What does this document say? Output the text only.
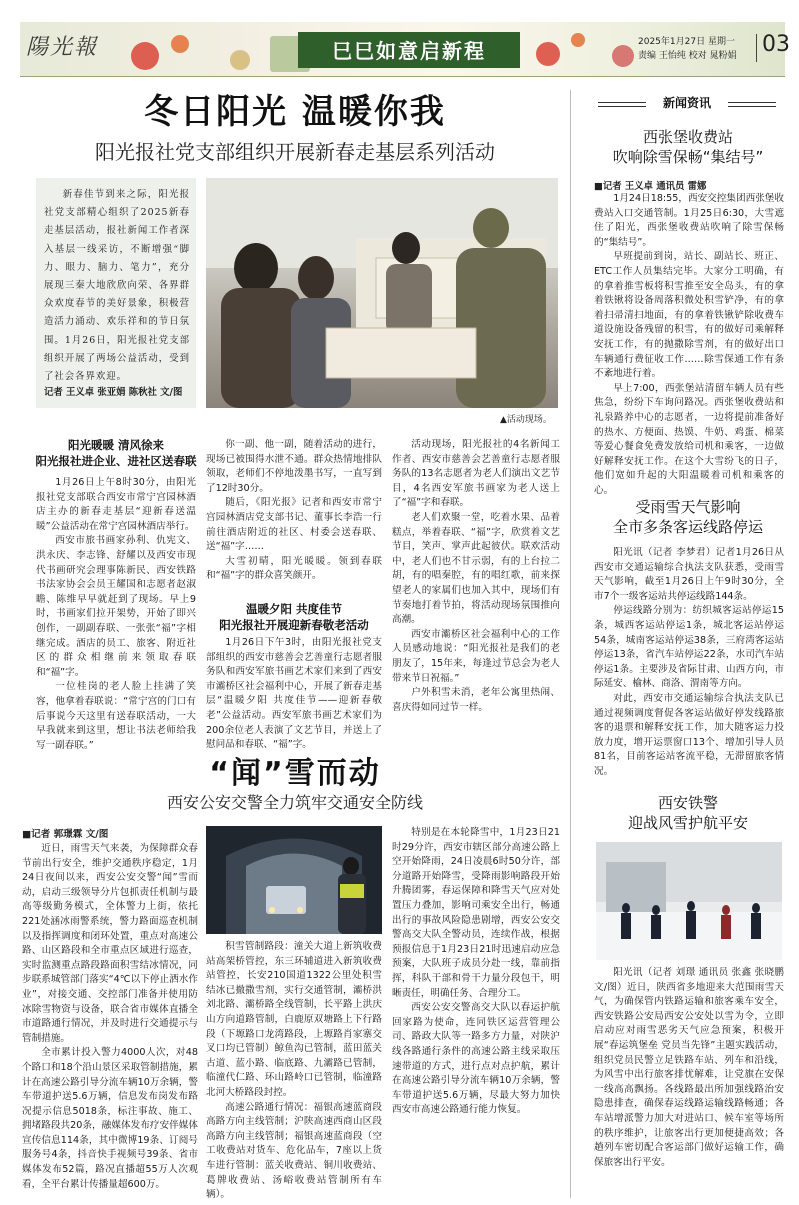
陽光報	巳巳如意启新程	2025年1月27日 星期一
责编 王怡纯 校对 晁粉娟 03
冬日阳光 温暖你我
阳光报社党支部组织开展新春走基层系列活动
新春佳节到来之际，阳光报社党支部精心组织了2025新春走基层活动，报社新闻工作者深入基层一线采访，不断增强“脚力、眼力、脑力、笔力”，充分展现三秦大地欣欣向荣、各界群众欢度春节的美好景象，积极营造活力涌动、欢乐祥和的节日氛围。1月26日，阳光报社党支部组织开展了两场公益活动，受到了社会各界欢迎。
记者 王义卓 张亚娟 陈秋社 文/图
▲活动现场。
阳光暖暖 清风徐来
阳光报社进企业、进社区送春联

1月26日上午8时30分，由阳光报社党支部联合西安市常宁宫园林酒店主办的新春走基层“迎新春送温暖”公益活动在常宁宫园林酒店举行。

西安市旅书画家孙利、仇宪文、洪永庆、李志锋、舒耀以及西安市现代书画研究会理事陈新民、西安铁路书法家协会会员王耀国和志愿者赵淑瞻、陈维早早就赶到了现场。早上9时，书画家们拉开架势，开始了即兴创作，一副副春联、一张张“福”字相继完成。酒店的员工、旅客、附近社区的群众相继前来领取春联和“福”字。

一位桂岗的老人脸上挂满了笑容，他拿着春联说：“常宁宫的门口有后事说今天这里有送春联活动，一大早我就来到这里，想让书法老师给我写一副春联。”

你一副、他一副，随着活动的进行，现场已被围得水泄不通。群众热情地排队领取，老师们不停地泼墨书写，一直写到了12时30分。

随后，《阳光报》记者和西安市常宁宫园林酒店党支部书记、董事长李浩一行前往酒店附近的社区、村委会送春联、送“福”字……

大雪初晴，阳光暖暖。领到春联和“福”字的群众喜笑颜开。

温暖夕阳 共度佳节
阳光报社开展迎新春敬老活动

1月26日下午3时，由阳光报社党支部组织的西安市慈善会艺善童行志愿者服务队和西安军旅书画艺术家们来到了西安市灞桥区社会福利中心，开展了新春走基层“温暖夕阳 共度佳节——迎新春敬老”公益活动。西安军旅书画艺术家们为200余位老人表演了文艺节目，并送上了慰问品和春联、“福”字。

活动现场，阳光报社的4名新闻工作者、西安市慈善会艺善童行志愿者服务队的13名志愿者为老人们演出文艺节目，4名西安军旅书画家为老人送上了“福”字和春联。

老人们欢聚一堂，吃着水果、品着糕点，举着春联、“福”字，欣赏着文艺节目，笑声、掌声此起彼伏。联欢活动中，老人们也不甘示弱，有的上台拉二胡，有的唱秦腔，有的唱红歌，前来探望老人的家属们也加入其中，现场们有节奏地打着节拍，将活动现场氛围推向高潮。

西安市灞桥区社会福利中心的工作人员感动地说：“阳光报社是我们的老朋友了，15年来，每逢过节总会为老人带来节日祝福。”

户外积雪未消，老年公寓里热闹、喜庆得如同过节一样。

“闻”雪而动
西安公安交警全力筑牢交通安全防线
■记者 郭璟霖 文/图

近日，雨雪天气来袭，为保障群众春节前出行安全，维护交通秩序稳定，1月24日夜间以来，西安公安交警“闻”雪而动，启动三级领导分片包抓责任机制与最高等级勤务模式，全体警力上街，依托221处涵冰雨警系统，警力路面巡查机制以及指挥调度和闭环处置，重点对高速公路、山区路段和全市重点区域进行巡查，实时监测重点路段路面积雪结冰情况，同步联系城管部门落实“4℃以下停止洒水作业”，对接交通、交控部门准备并使用防冰除雪物资与设备，联合省市媒体直播全市道路通行情况，并及时进行交通提示与管制措施。

全市累计投入警力4000人次，对48个路口和18个沿山景区采取管制措施，累计在高速公路引导分流车辆10万余辆，警车带道护送5.6万辆，信息发布岗发布路况提示信息5018条，标注事故、施工、拥堵路段共20条，融媒体发布疗安伴媒体宣传信息114条，其中微博19条、订阅号服务号4条，抖音快手视频号39条、省市媒体发布52篇，路况直播超55万人次观看，全平台累计传播量超600万。

积雪管制路段：潼关大道上新筑收费站高架桥管控，东三环辅道进入新筑收费站管控，长安210国道1322公里处积雪结冰已撤撒雪剂，实行交通管制，灞桥洪刘北路、灞桥路全线管制，长平路上洪庆山方向道路管制，白鹿原双塘路上下行路段（下塬路口龙湾路段，上塬路肖家寨交叉口均已管制）鲸鱼沟已管制，蓝田蓝关古道、蓝小路、临底路、九灞路已管制，临潼代仁路、环山路岭口已管制，临潼路北河大桥路段封控。

高速公路通行情况：福银高速蓝商段高路方向主线管制；沪陕高速西商山区段高路方向主线管制；福银高速蓝商段（空工收费站对货车、危化品车，7座以上货车进行管制：蓝关收费站、铜川收费站、葛牌收费站、汤峪收费站管制所有车辆）。

特别是在本轮降雪中，1月23日21时29分许，西安市辖区部分高速公路上空开始降雨，24日凌晨6时50分许，部分道路开始降雪，受降雨影响路段开始升腾团雾，春运保障和降雪天气应对处置压力叠加，影响司乘安全出行，畅通出行的事故风险隐患剧增，西安公安交警高交大队全警动员，连续作战，根据预报信息于1月23日21时迅速启动应急预案，大队班子成员分赴一线，靠前指挥，科队干部和骨干力量分段包干，明晰责任，明确任务、合理分工。

西安公安交警高交大队以春运护航回家路为使命，连同铁区运营管理公司、路政大队等一路多方力量，对陕沪线各路通行条件的高速公路主线采取压速带道的方式，进行点对点护航，累计在高速公路引导分流车辆10万余辆，警车带道护送5.6万辆，尽最大努力加快西安市高速公路通行能力恢复。

新闻资讯
西张堡收费站
吹响除雪保畅“集结号”
■记者 王义卓 通讯员 雷娜

1月24日18:55，西安交控集团西张堡收费站入口交通管制。1月25日6:30，大雪遮住了阳光，西张堡收费站吹响了除雪保畅的“集结号”。

早班提前到岗，站长、副站长、班正、ETC工作人员集结完毕。大家分工明确，有的拿着推雪板将积雪推至安全岛头，有的拿着铁锹将设备周落积微处积雪铲净，有的拿着扫帚清扫地面，有的拿着铁锹铲除收费车道设施设备残留的积雪，有的做好司乘解释安抚工作，有的抛撒除雪剂，有的做好出口车辆通行费征收工作……除雪保通工作有条不紊地进行着。

早上7:00，西张堡站清留车辆人员有些焦急，纷纷下车询问路况。西张堡收费站和礼泉路养中心的志愿者，一边将提前准备好的热水、方便面、热馍、牛奶、鸡蛋、棉菜等爱心餐食免费发放给司机和乘客，一边做好解释安抚工作。在这个大雪纷飞的日子，他们宽如升起的大阳温暖着司机和乘客的心。

受雨雪天气影响
全市多条客运线路停运

阳光讯（记者 李梦君）记者1月26日从西安市交通运输综合执法支队获悉，受雨雪天气影响，截至1月26日上午9时30分，全市7个一级客运站共停运线路144条。

停运线路分别为：纺织城客运站停运15条，城西客运站停运1条，城北客运站停运54条，城南客运站停运38条，三府湾客运站停运13条，省汽车站停运22条，水司汽车站停运1条。主要涉及省际甘肃、山西方向，市际延安、榆林、商洛、渭南等方向。

对此，西安市交通运输综合执法支队已通过视频调度督促各客运站做好停发线路旅客的退票和解释安抚工作，加大随客运力投放力度，增开运票窗口13个、增加引导人员81名，目前客运站客流平稳，无滞留旅客情况。

西安铁警
迎战风雪护航平安

阳光讯（记者 刘璟 通讯员 张鑫 张晓鹏 文/图）近日，陕西省多地迎来大范围雨雪天气，为确保管内铁路运输和旅客乘车安全，西安铁路公安局西安公安处以雪为令，立即启动应对雨雪恶劣天气应急预案，积极开展“春运筑堡垒 党员当先锋”主题实践活动，组织党员民警立足铁路车站、列车和沿线，为风雪中出行旅客排忧解难，让党旗在安保一线高高飘扬。各线路最出所加强线路治安隐患排查，确保春运线路运输线路畅通；各车站增派警力加大对进站口、候车室等场所的秩序维护，让旅客出行更加便捷高效；各趟列车密切配合客运部门做好运输工作，确保旅客出行平安。
